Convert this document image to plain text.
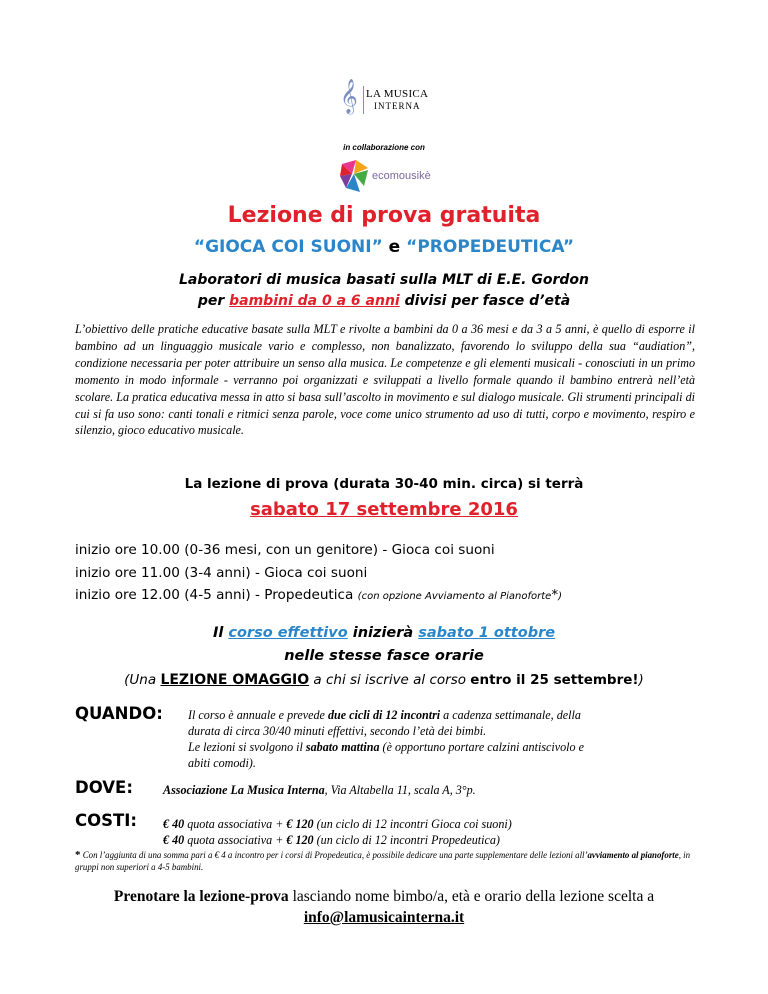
𝄞 LA MUSICA
INTERNA
in collaborazione con
ecomousikè
Lezione di prova gratuita
“GIOCA COI SUONI” e “PROPEDEUTICA”
Laboratori di musica basati sulla MLT di E.E. Gordon
per bambini da 0 a 6 anni divisi per fasce d’età
L’obiettivo delle pratiche educative basate sulla MLT e rivolte a bambini da 0 a 36 mesi e da 3 a 5 anni, è quello di esporre il bambino ad un linguaggio musicale vario e complesso, non banalizzato, favorendo lo sviluppo della sua “audiation”, condizione necessaria per poter attribuire un senso alla musica. Le competenze e gli elementi musicali - conosciuti in un primo momento in modo informale - verranno poi organizzati e sviluppati a livello formale quando il bambino entrerà nell’età scolare. La pratica educativa messa in atto si basa sull’ascolto in movimento e sul dialogo musicale. Gli strumenti principali di cui si fa uso sono: canti tonali e ritmici senza parole, voce come unico strumento ad uso di tutti, corpo e movimento, respiro e silenzio, gioco educativo musicale.
La lezione di prova (durata 30-40 min. circa) si terrà
sabato 17 settembre 2016
inizio ore 10.00 (0-36 mesi, con un genitore) - Gioca coi suoni
inizio ore 11.00 (3-4 anni) - Gioca coi suoni
inizio ore 12.00 (4-5 anni) - Propedeutica (con opzione Avviamento al Pianoforte*)
Il corso effettivo inizierà sabato 1 ottobre
nelle stesse fasce orarie
(Una LEZIONE OMAGGIO a chi si iscrive al corso entro il 25 settembre!)
QUANDO: Il corso è annuale e prevede due cicli di 12 incontri a cadenza settimanale, della
durata di circa 30/40 minuti effettivi, secondo l’età dei bimbi.
Le lezioni si svolgono il sabato mattina (è opportuno portare calzini antiscivolo e
abiti comodi).
DOVE: Associazione La Musica Interna, Via Altabella 11, scala A, 3°p.
COSTI: € 40 quota associativa + € 120 (un ciclo di 12 incontri Gioca coi suoni)
€ 40 quota associativa + € 120 (un ciclo di 12 incontri Propedeutica)
* Con l’aggiunta di una somma pari a € 4 a incontro per i corsi di Propedeutica, è possibile dedicare una parte supplementare delle lezioni all’avviamento al pianoforte, in gruppi non superiori a 4-5 bambini.
Prenotare la lezione-prova lasciando nome bimbo/a, età e orario della lezione scelta a
info@lamusicainterna.it
